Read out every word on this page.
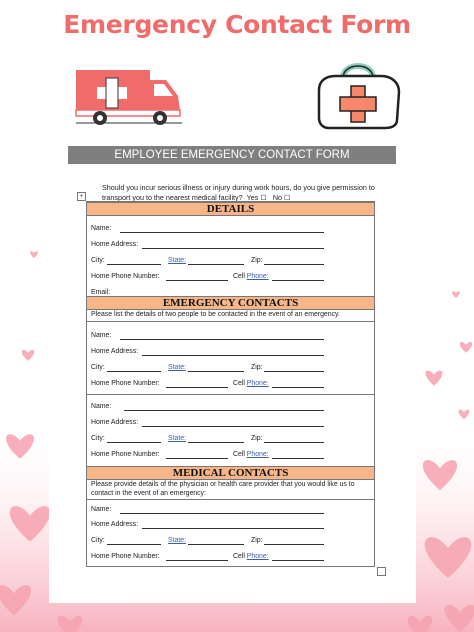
Emergency Contact Form
EMPLOYEE EMERGENCY CONTACT FORM
+
Should you incur serious illness or injury during work hours, do you give permission to transport you to the nearest medical facility? Yes ☐ No ☐
DETAILS
Name:
Home Address:
City:	State:	Zip:
Home Phone Number:	Cell Phone:
Email:
EMERGENCY CONTACTS
Please list the details of two people to be contacted in the event of an emergency.
Name:
Home Address:
City:	State:	Zip:
Home Phone Number:	Cell Phone:
Name:
Home Address:
City:	State:	Zip:
Home Phone Number:	Cell Phone:
MEDICAL CONTACTS
Please provide details of the physician or health care provider that you would like us to contact in the event of an emergency:
Name:
Home Address:
City:	State:	Zip:
Home Phone Number:	Cell Phone:
